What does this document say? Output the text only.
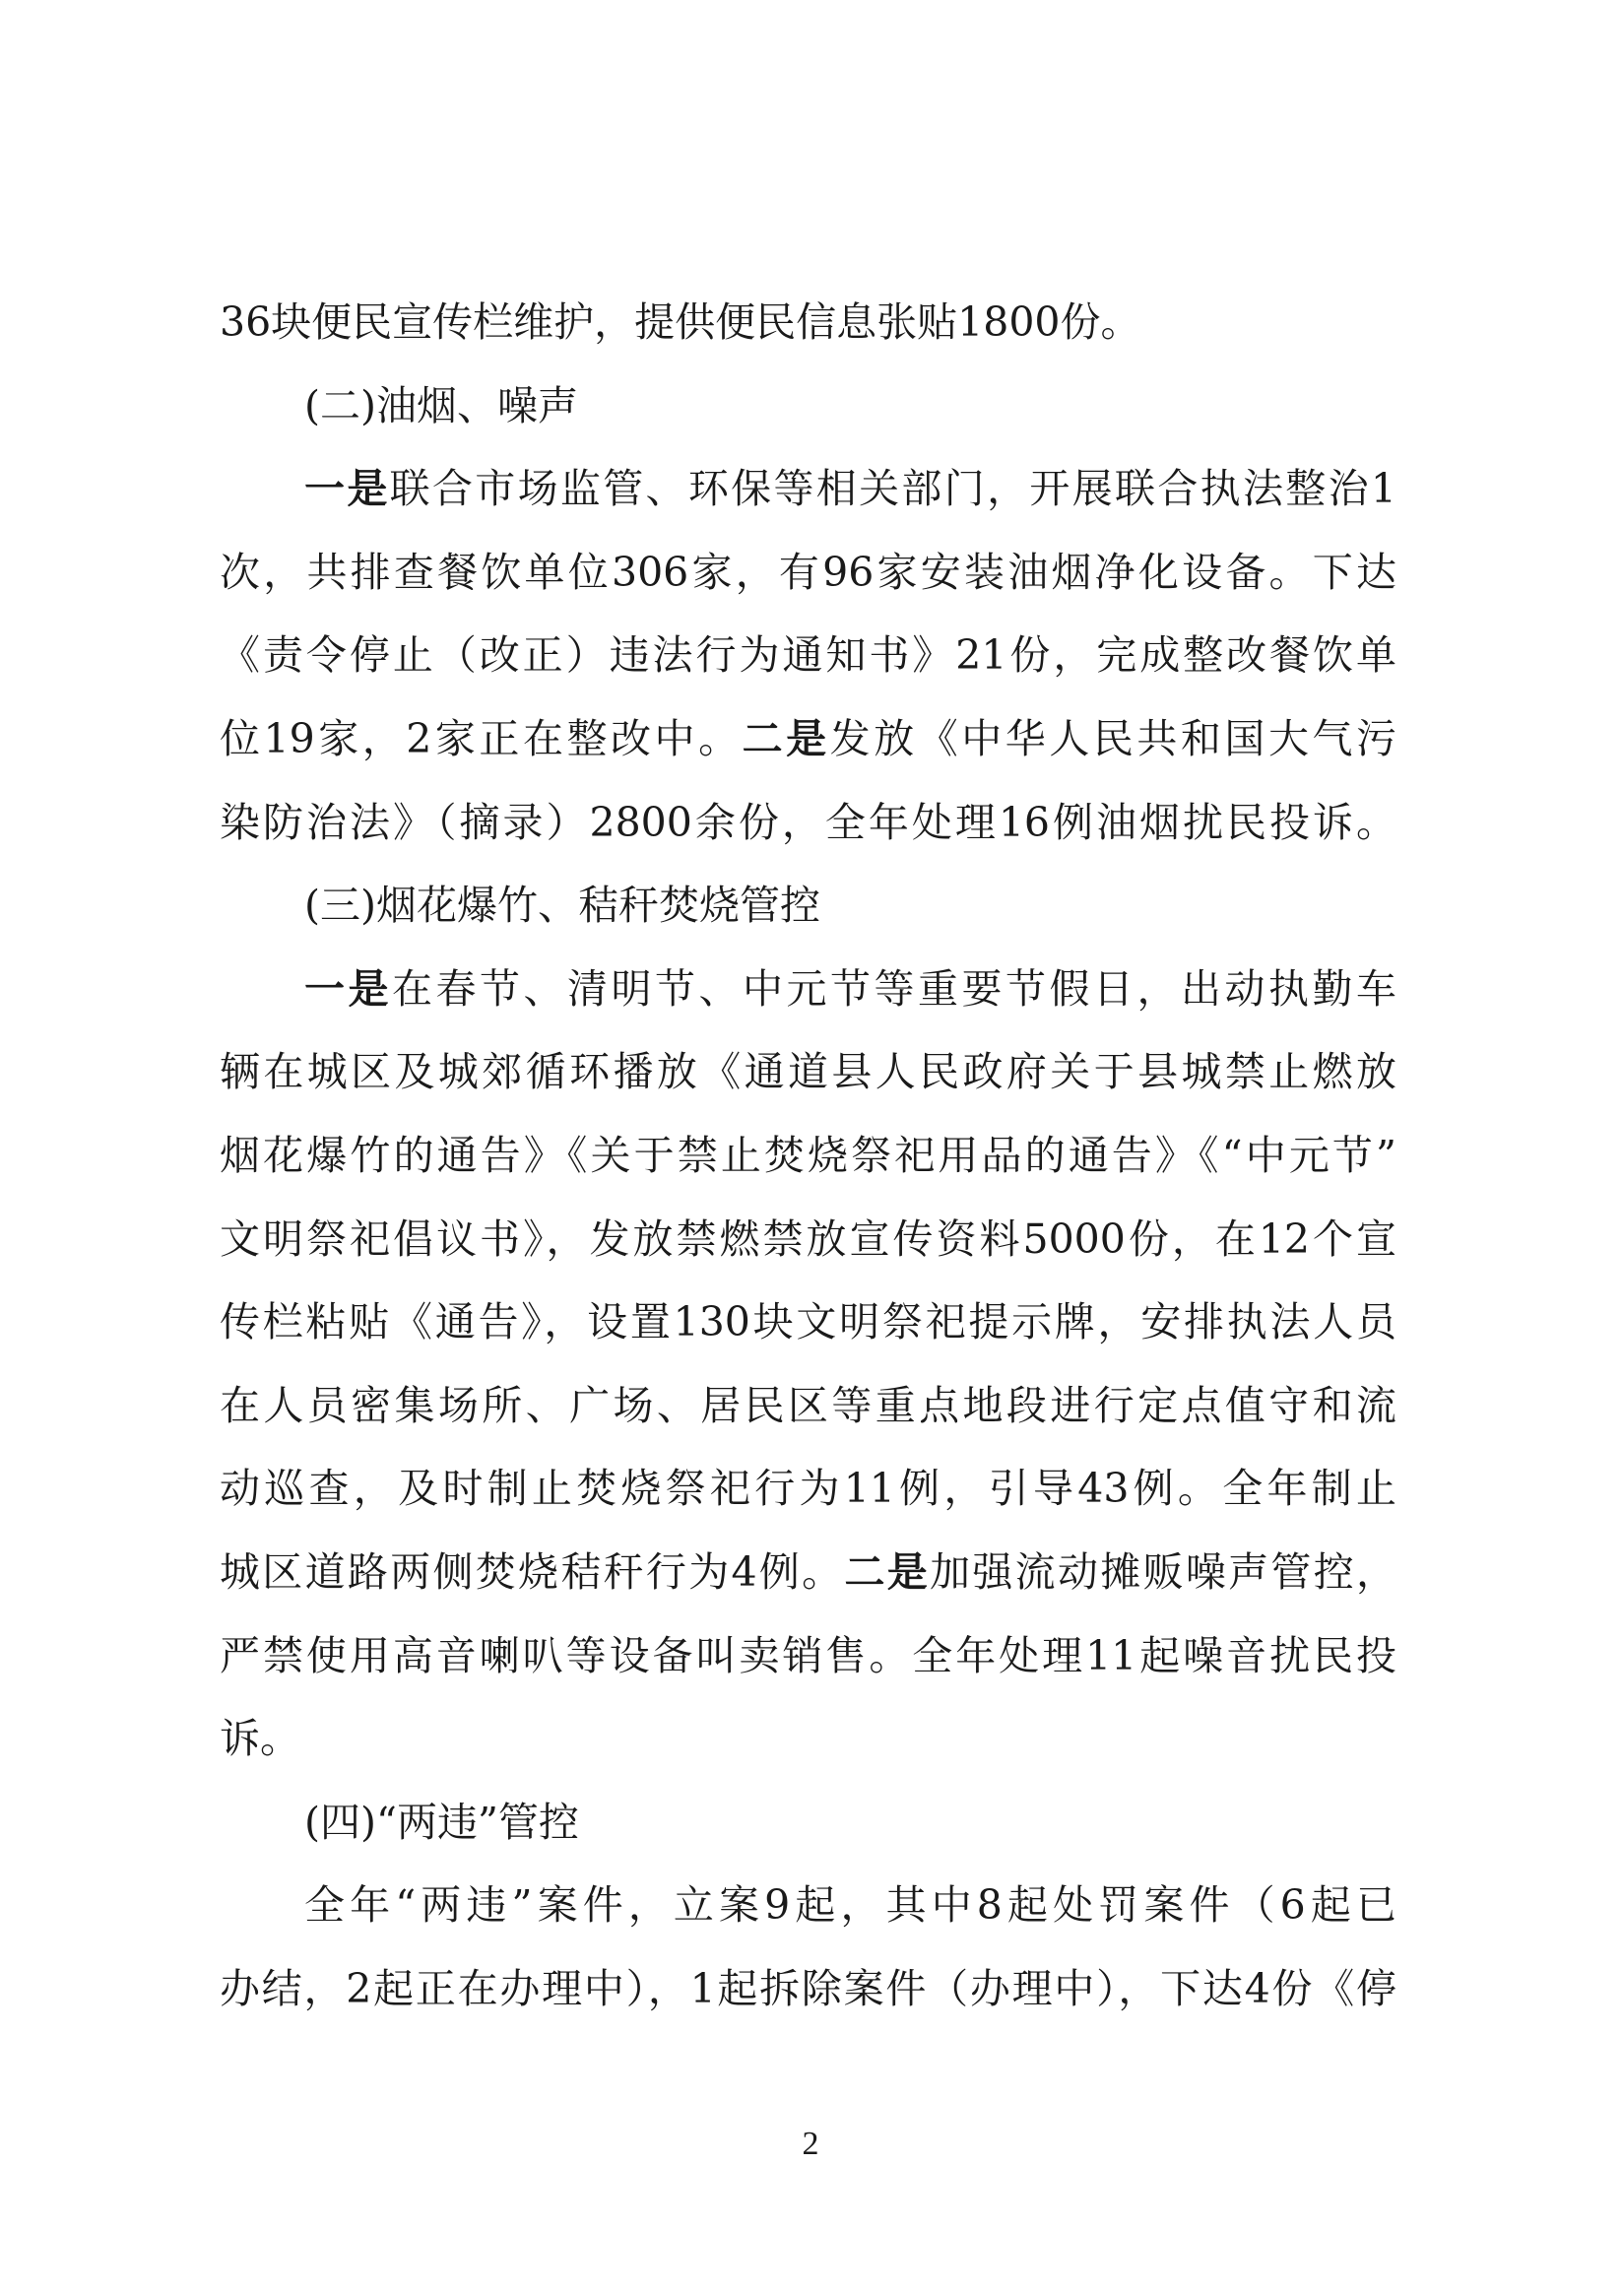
36块便民宣传栏维护，提供便民信息张贴1800份。
(二)油烟、噪声
一是联合市场监管、环保等相关部门，开展联合执法整治1
次，共排查餐饮单位306家，有96家安装油烟净化设备。下达
《责令停止（改正）违法行为通知书》21份，完成整改餐饮单
位19家，2家正在整改中。二是发放《中华人民共和国大气污
染防治法》（摘录）2800余份，全年处理16例油烟扰民投诉。
(三)烟花爆竹、秸秆焚烧管控
一是在春节、清明节、中元节等重要节假日，出动执勤车
辆在城区及城郊循环播放《通道县人民政府关于县城禁止燃放
烟花爆竹的通告》《关于禁止焚烧祭祀用品的通告》《“中元节”
文明祭祀倡议书》，发放禁燃禁放宣传资料5000份，在12个宣
传栏粘贴《通告》，设置130块文明祭祀提示牌，安排执法人员
在人员密集场所、广场、居民区等重点地段进行定点值守和流
动巡查，及时制止焚烧祭祀行为11例，引导43例。全年制止
城区道路两侧焚烧秸秆行为4例。二是加强流动摊贩噪声管控，
严禁使用高音喇叭等设备叫卖销售。全年处理11起噪音扰民投
诉。
(四)“两违”管控
全年“两违”案件，立案9起，其中8起处罚案件（6起已
办结，2起正在办理中），1起拆除案件（办理中），下达4份《停
2
